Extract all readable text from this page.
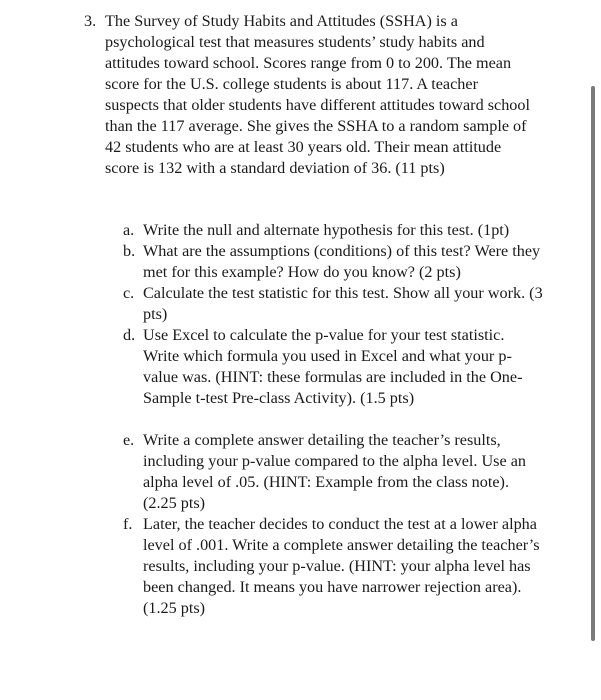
3. The Survey of Study Habits and Attitudes (SSHA) is a psychological test that measures students’ study habits and attitudes toward school. Scores range from 0 to 200. The mean score for the U.S. college students is about 117. A teacher suspects that older students have different attitudes toward school than the 117 average. She gives the SSHA to a random sample of 42 students who are at least 30 years old. Their mean attitude score is 132 with a standard deviation of 36. (11 pts)
a. Write the null and alternate hypothesis for this test. (1pt)
b. What are the assumptions (conditions) of this test? Were they met for this example? How do you know? (2 pts)
c. Calculate the test statistic for this test. Show all your work. (3 pts)
d. Use Excel to calculate the p-value for your test statistic. Write which formula you used in Excel and what your p-value was. (HINT: these formulas are included in the One-Sample t-test Pre-class Activity). (1.5 pts)
e. Write a complete answer detailing the teacher’s results, including your p-value compared to the alpha level. Use an alpha level of .05. (HINT: Example from the class note). (2.25 pts)
f. Later, the teacher decides to conduct the test at a lower alpha level of .001. Write a complete answer detailing the teacher’s results, including your p-value. (HINT: your alpha level has been changed. It means you have narrower rejection area). (1.25 pts)
